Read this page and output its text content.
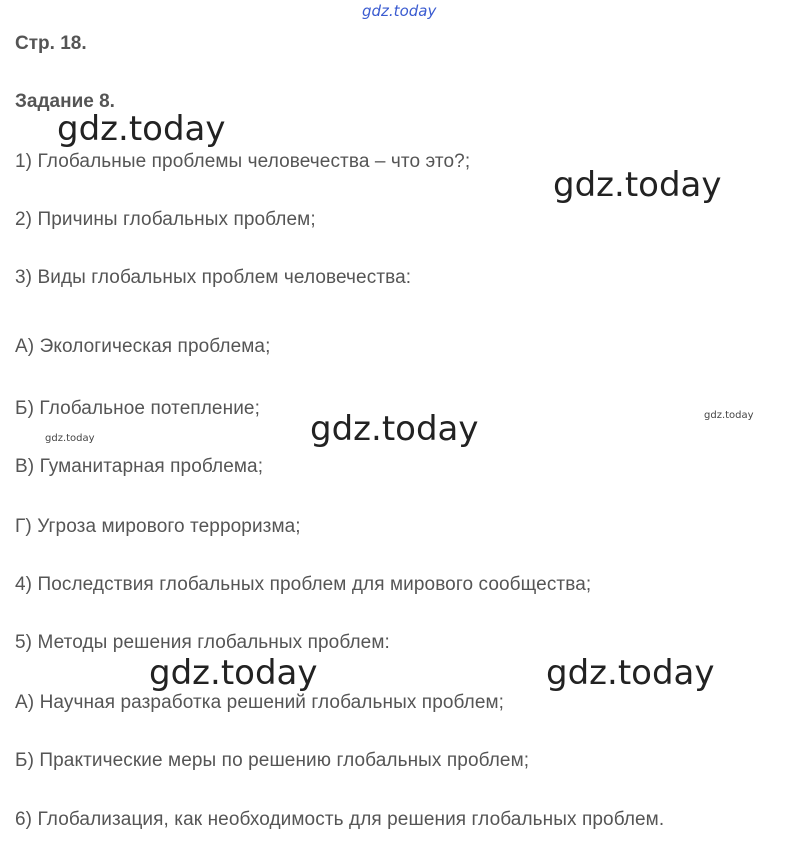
gdz.today
Стр. 18.
Задание 8.
1) Глобальные проблемы человечества – что это?;
2) Причины глобальных проблем;
3) Виды глобальных проблем человечества:
А) Экологическая проблема;
Б) Глобальное потепление;
В) Гуманитарная проблема;
Г) Угроза мирового терроризма;
4) Последствия глобальных проблем для мирового сообщества;
5) Методы решения глобальных проблем:
А) Научная разработка решений глобальных проблем;
Б) Практические меры по решению глобальных проблем;
6) Глобализация, как необходимость для решения глобальных проблем.
gdz.today
gdz.today
gdz.today
gdz.today	gdz.today
gdz.today
gdz.today
